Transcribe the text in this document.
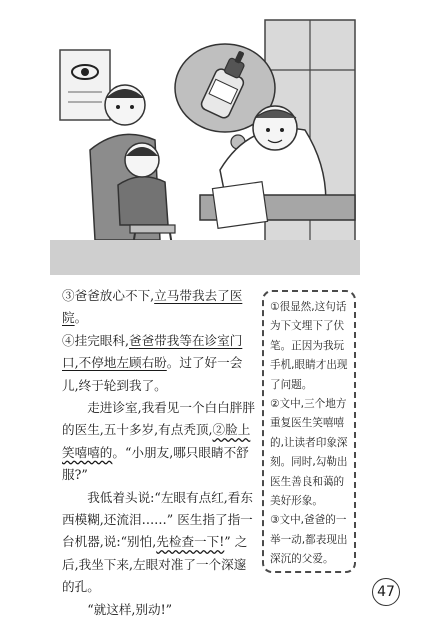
③爸爸放心不下,立马带我去了医院。

④挂完眼科,爸爸带我等在诊室门口,不停地左顾右盼。过了好一会儿,终于轮到我了。

走进诊室,我看见一个白白胖胖的医生,五十多岁,有点秃顶,②脸上笑嘻嘻的。“小朋友,哪只眼睛不舒服?”

我低着头说:“左眼有点红,看东西模糊,还流泪……” 医生指了指一台机器,说:“别怕,先检查一下!” 之后,我坐下来,左眼对准了一个深邃的孔。

“就这样,别动!”

①很显然,这句话为下文埋下了伏笔。正因为我玩手机,眼睛才出现了问题。

②文中,三个地方重复医生笑嘻嘻的,让读者印象深刻。同时,勾勒出医生善良和蔼的美好形象。

③文中,爸爸的一举一动,都表现出深沉的父爱。

47
